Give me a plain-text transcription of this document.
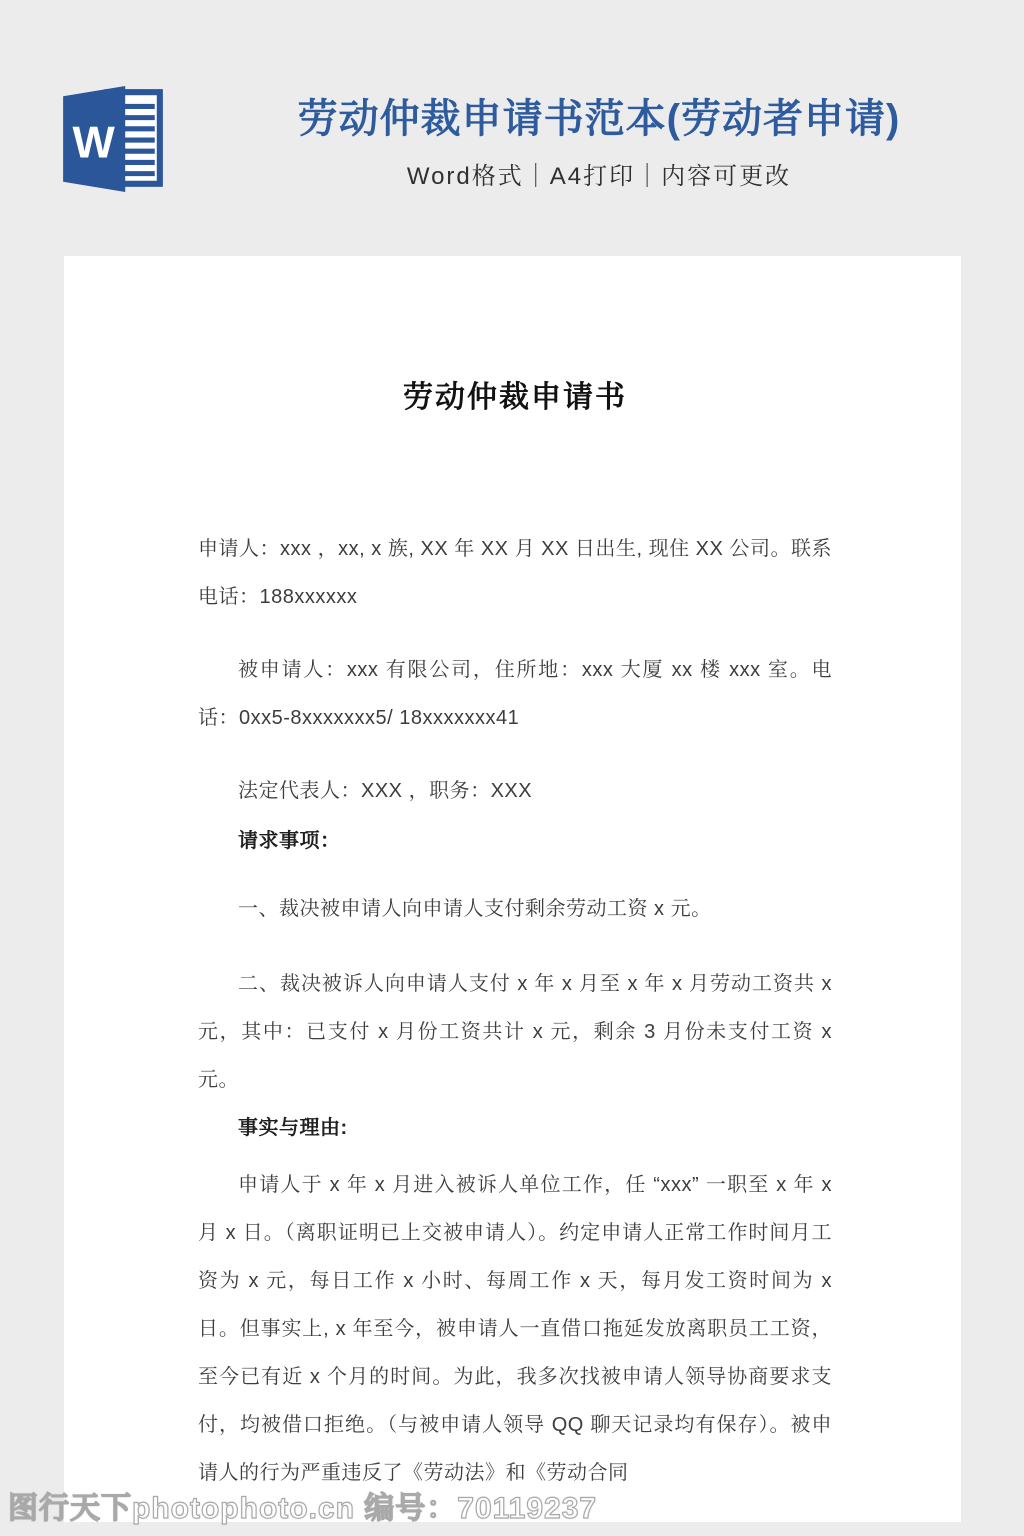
W	劳动仲裁申请书范本(劳动者申请)
Word格式｜A4打印｜内容可更改
劳动仲裁申请书

申请人：xxx ，xx, x 族, XX 年 XX 月 XX 日出生, 现住 XX 公司。联系电话：188xxxxxx

被申请人：xxx 有限公司，住所地：xxx 大厦 xx 楼 xxx 室。电话：0xx5-8xxxxxxx5/ 18xxxxxxx41

法定代表人：XXX ，职务：XXX

请求事项：

一、裁决被申请人向申请人支付剩余劳动工资 x 元。

二、裁决被诉人向申请人支付 x 年 x 月至 x 年 x 月劳动工资共 x 元，其中：已支付 x 月份工资共计 x 元，剩余 3 月份未支付工资 x 元。

事实与理由:

申请人于 x 年 x 月进入被诉人单位工作，任 “xxx” 一职至 x 年 x 月 x 日。（离职证明已上交被申请人）。约定申请人正常工作时间月工资为 x 元，每日工作 x 小时、每周工作 x 天，每月发工资时间为 x 日。但事实上, x 年至今，被申请人一直借口拖延发放离职员工工资，至今已有近 x 个月的时间。为此，我多次找被申请人领导协商要求支付，均被借口拒绝。（与被申请人领导 QQ 聊天记录均有保存）。被申请人的行为严重违反了《劳动法》和《劳动合同

图行天下photophoto.cn 编号：70119237
